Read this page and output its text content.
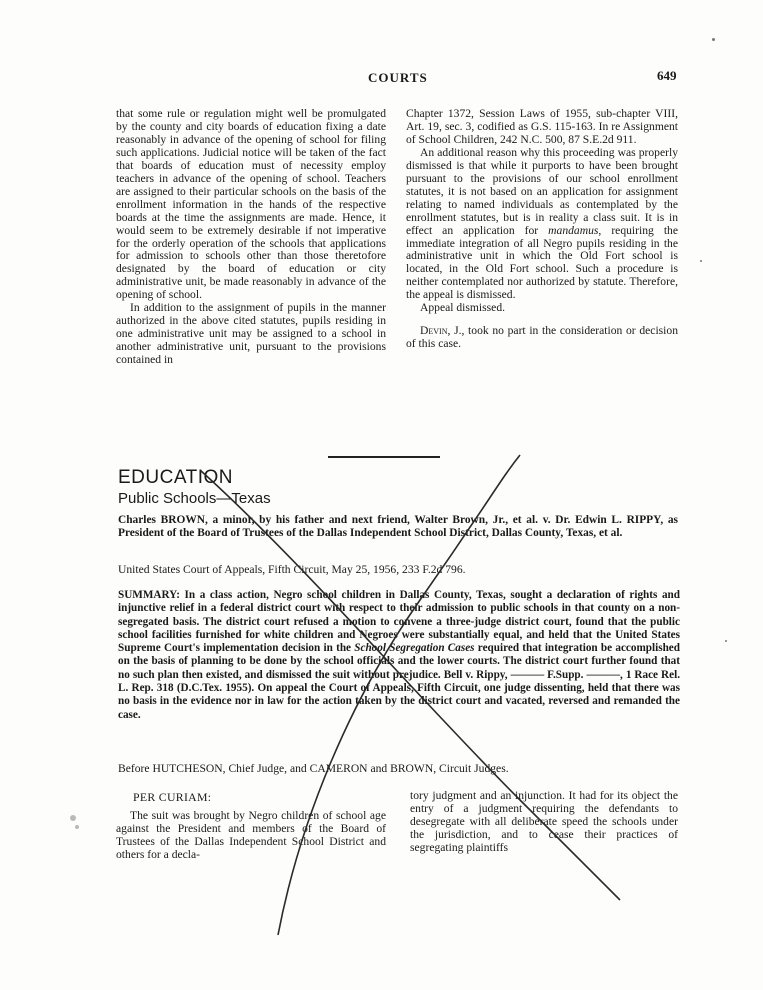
COURTS	649

that some rule or regulation might well be promulgated by the county and city boards of education fixing a date reasonably in advance of the opening of school for filing such applications. Judicial notice will be taken of the fact that boards of education must of necessity employ teachers in advance of the opening of school. Teachers are assigned to their particular schools on the basis of the enrollment information in the hands of the respective boards at the time the assignments are made. Hence, it would seem to be extremely desirable if not imperative for the orderly operation of the schools that applications for admission to schools other than those theretofore designated by the board of education or city administrative unit, be made reasonably in advance of the opening of school.

In addition to the assignment of pupils in the manner authorized in the above cited statutes, pupils residing in one administrative unit may be assigned to a school in another administrative unit, pursuant to the provisions contained in

Chapter 1372, Session Laws of 1955, sub-chapter VIII, Art. 19, sec. 3, codified as G.S. 115-163. In re Assignment of School Children, 242 N.C. 500, 87 S.E.2d 911.

An additional reason why this proceeding was properly dismissed is that while it purports to have been brought pursuant to the provisions of our school enrollment statutes, it is not based on an application for assignment relating to named individuals as contemplated by the enrollment statutes, but is in reality a class suit. It is in effect an application for mandamus, requiring the immediate integration of all Negro pupils residing in the administrative unit in which the Old Fort school is located, in the Old Fort school. Such a procedure is neither contemplated nor authorized by statute. Therefore, the appeal is dismissed.

Appeal dismissed.

Devin, J., took no part in the consideration or decision of this case.

EDUCATION
Public Schools—Texas
Charles BROWN, a minor, by his father and next friend, Walter Brown, Jr., et al. v. Dr. Edwin L. RIPPY, as President of the Board of Trustees of the Dallas Independent School District, Dallas County, Texas, et al.
United States Court of Appeals, Fifth Circuit, May 25, 1956, 233 F.2d 796.
SUMMARY: In a class action, Negro school children in Dallas County, Texas, sought a declaration of rights and injunctive relief in a federal district court with respect to their admission to public schools in that county on a non-segregated basis. The district court refused a motion to convene a three-judge district court, found that the public school facilities furnished for white children and Negroes were substantially equal, and held that the United States Supreme Court's implementation decision in the School Segregation Cases required that integration be accomplished on the basis of planning to be done by the school officials and the lower courts. The district court further found that no such plan then existed, and dismissed the suit without prejudice. Bell v. Rippy, ——— F.Supp. ———, 1 Race Rel. L. Rep. 318 (D.C.Tex. 1955). On appeal the Court of Appeals, Fifth Circuit, one judge dissenting, held that there was no basis in the evidence nor in law for the action taken by the district court and vacated, reversed and remanded the case.
Before HUTCHESON, Chief Judge, and CAMERON and BROWN, Circuit Judges.
PER CURIAM:

The suit was brought by Negro children of school age against the President and members of the Board of Trustees of the Dallas Independent School District and others for a decla-

tory judgment and an injunction. It had for its object the entry of a judgment requiring the defendants to desegregate with all deliberate speed the schools under the jurisdiction, and to cease their practices of segregating plaintiffs
